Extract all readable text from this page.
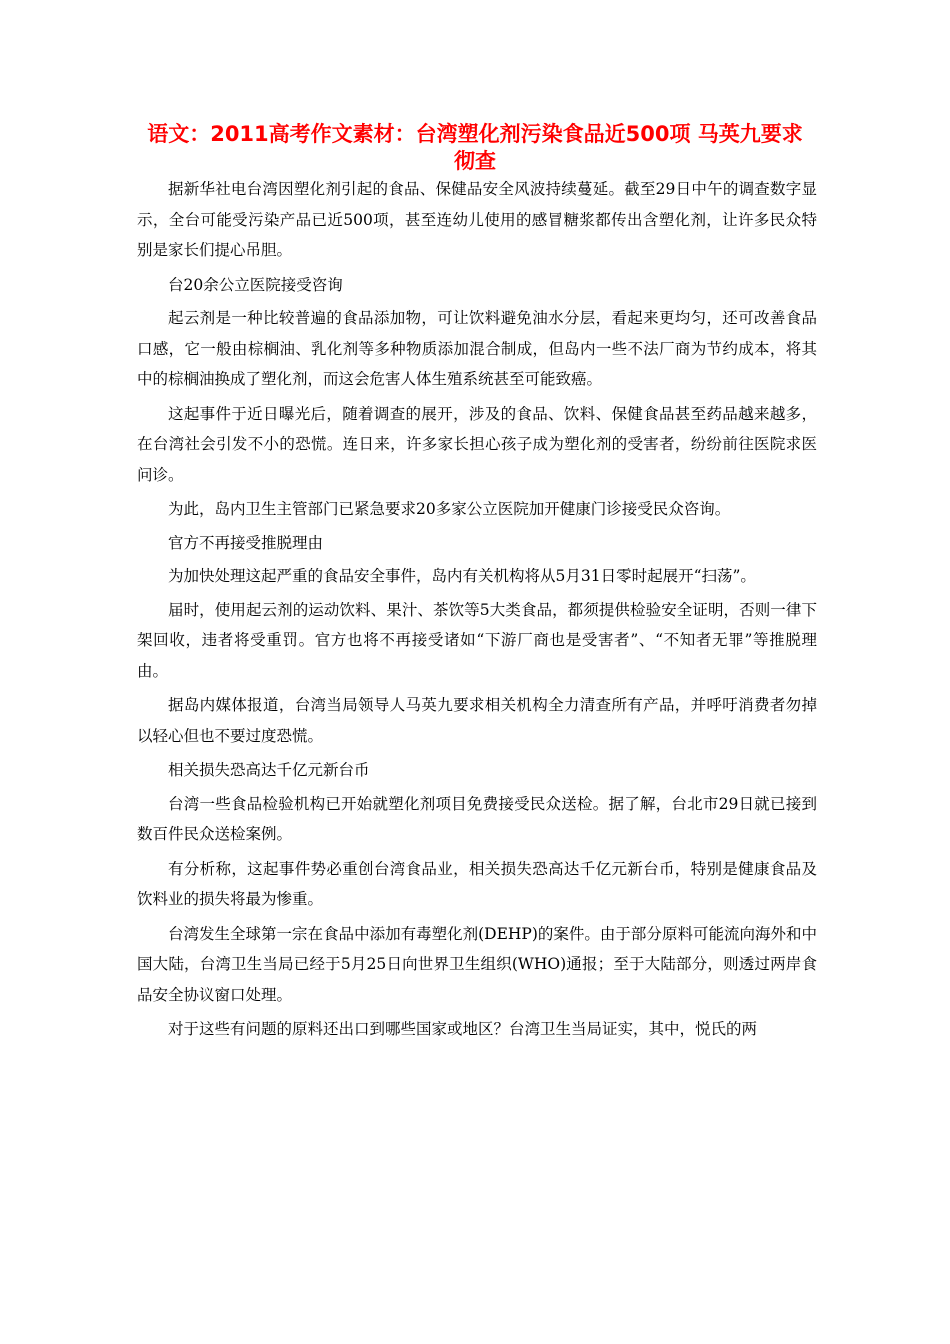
语文：2011高考作文素材：台湾塑化剂污染食品近500项 马英九要求彻查

据新华社电台湾因塑化剂引起的食品、保健品安全风波持续蔓延。截至29日中午的调查数字显示，全台可能受污染产品已近500项，甚至连幼儿使用的感冒糖浆都传出含塑化剂，让许多民众特别是家长们提心吊胆。

台20余公立医院接受咨询

起云剂是一种比较普遍的食品添加物，可让饮料避免油水分层，看起来更均匀，还可改善食品口感，它一般由棕榈油、乳化剂等多种物质添加混合制成，但岛内一些不法厂商为节约成本，将其中的棕榈油换成了塑化剂，而这会危害人体生殖系统甚至可能致癌。

这起事件于近日曝光后，随着调查的展开，涉及的食品、饮料、保健食品甚至药品越来越多，在台湾社会引发不小的恐慌。连日来，许多家长担心孩子成为塑化剂的受害者，纷纷前往医院求医问诊。

为此，岛内卫生主管部门已紧急要求20多家公立医院加开健康门诊接受民众咨询。

官方不再接受推脱理由

为加快处理这起严重的食品安全事件，岛内有关机构将从5月31日零时起展开“扫荡”。

届时，使用起云剂的运动饮料、果汁、茶饮等5大类食品，都须提供检验安全证明，否则一律下架回收，违者将受重罚。官方也将不再接受诸如“下游厂商也是受害者”、“不知者无罪”等推脱理由。

据岛内媒体报道，台湾当局领导人马英九要求相关机构全力清查所有产品，并呼吁消费者勿掉以轻心但也不要过度恐慌。

相关损失恐高达千亿元新台币

台湾一些食品检验机构已开始就塑化剂项目免费接受民众送检。据了解，台北市29日就已接到数百件民众送检案例。

有分析称，这起事件势必重创台湾食品业，相关损失恐高达千亿元新台币，特别是健康食品及饮料业的损失将最为惨重。

台湾发生全球第一宗在食品中添加有毒塑化剂(DEHP)的案件。由于部分原料可能流向海外和中国大陆，台湾卫生当局已经于5月25日向世界卫生组织(WHO)通报；至于大陆部分，则透过两岸食品安全协议窗口处理。

对于这些有问题的原料还出口到哪些国家或地区？台湾卫生当局证实，其中，悦氏的两
